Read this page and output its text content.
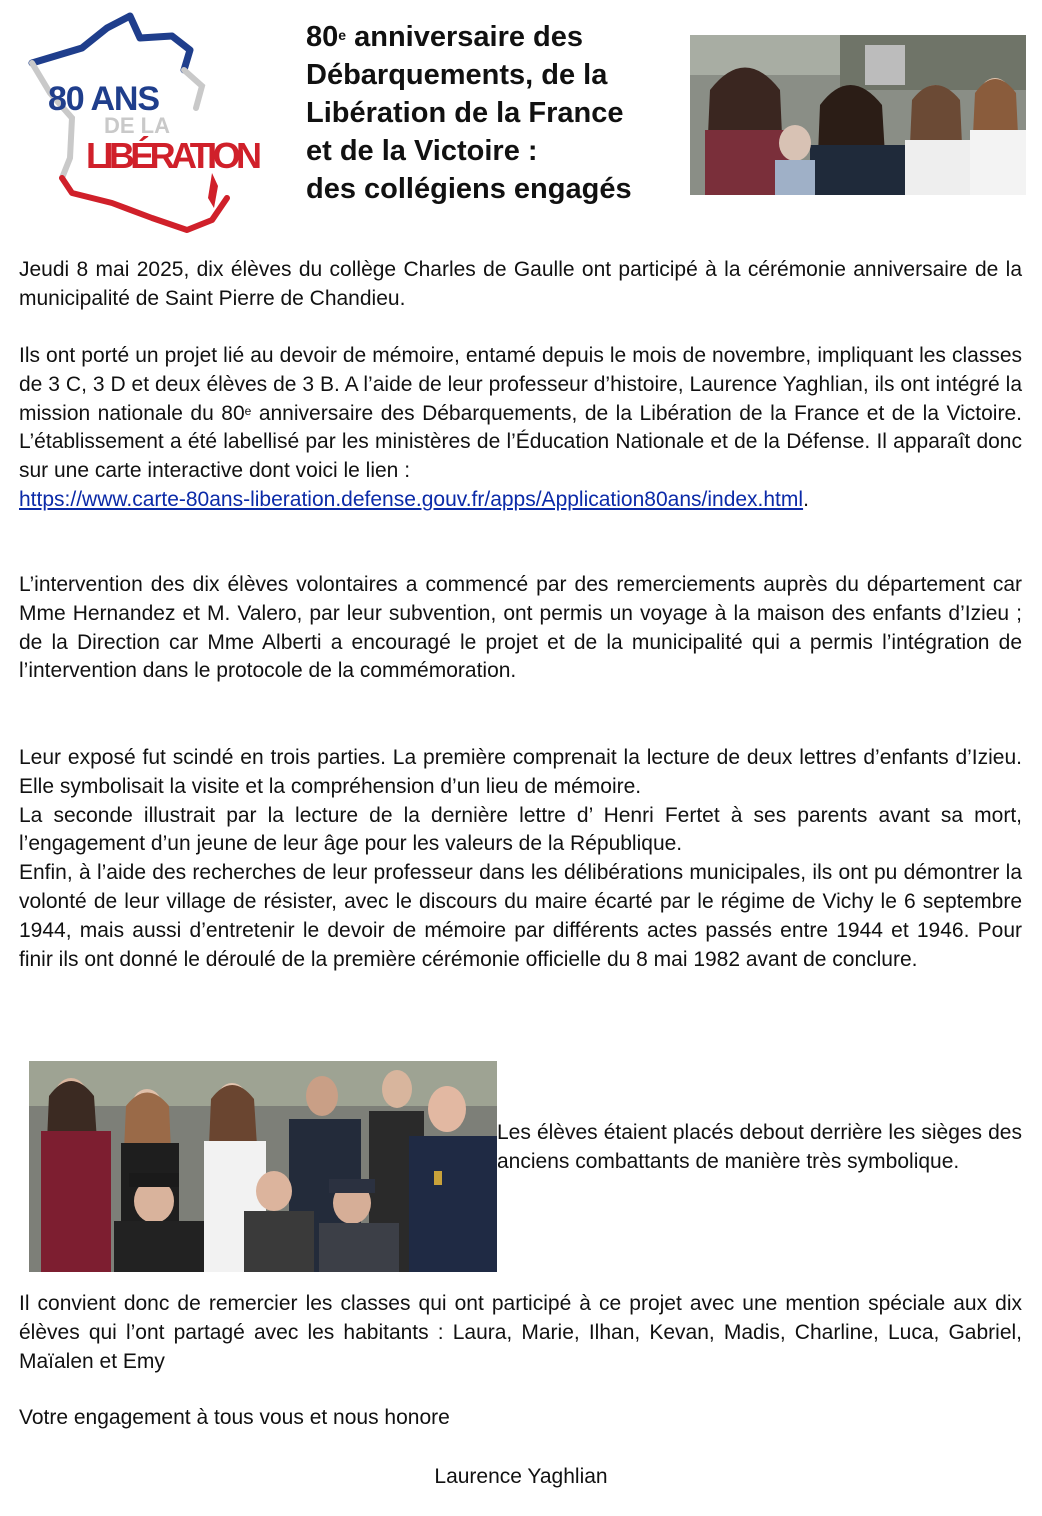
80 ANS
DE LA
LIBÉRATION
80e anniversaire des
Débarquements, de la
Libération de la France
et de la Victoire :
des collégiens engagés

Jeudi 8 mai 2025, dix élèves du collège Charles de Gaulle ont participé à la cérémonie anniversaire de la municipalité de Saint Pierre de Chandieu.

Ils ont porté un projet lié au devoir de mémoire, entamé depuis le mois de novembre, impliquant les classes de 3 C, 3 D et deux élèves de 3 B. A l’aide de leur professeur d’histoire, Laurence Yaghlian, ils ont intégré la mission nationale du 80e anniversaire des Débarquements, de la Libération de la France et de la Victoire. L’établissement a été labellisé par les ministères de l’Éducation Nationale et de la Défense. Il apparaît donc sur une carte interactive dont voici le lien :
https://www.carte-80ans-liberation.defense.gouv.fr/apps/Application80ans/index.html.

L’intervention des dix élèves volontaires a commencé par des remerciements auprès du département car Mme Hernandez et M. Valero, par leur subvention, ont permis un voyage à la maison des enfants d’Izieu ; de la Direction car Mme Alberti a encouragé le projet et de la municipalité qui a permis l’intégration de l’intervention dans le protocole de la commémoration.

Leur exposé fut scindé en trois parties. La première comprenait la lecture de deux lettres d’enfants d’Izieu. Elle symbolisait la visite et la compréhension d’un lieu de mémoire.
La seconde illustrait par la lecture de la dernière lettre d’ Henri Fertet à ses parents avant sa mort, l’engagement d’un jeune de leur âge pour les valeurs de la République.
Enfin, à l’aide des recherches de leur professeur dans les délibérations municipales, ils ont pu démontrer la volonté de leur village de résister, avec le discours du maire écarté par le régime de Vichy le 6 septembre 1944, mais aussi d’entretenir le devoir de mémoire par différents actes passés entre 1944 et 1946. Pour finir ils ont donné le déroulé de la première cérémonie officielle du 8 mai 1982 avant de conclure.

Les élèves étaient placés debout derrière les sièges des anciens combattants de manière très symbolique.

Il convient donc de remercier les classes qui ont participé à ce projet avec une mention spéciale aux dix élèves qui l’ont partagé avec les habitants : Laura, Marie, Ilhan, Kevan, Madis, Charline, Luca, Gabriel, Maïalen et Emy

Votre engagement à tous vous et nous honore

Laurence Yaghlian
